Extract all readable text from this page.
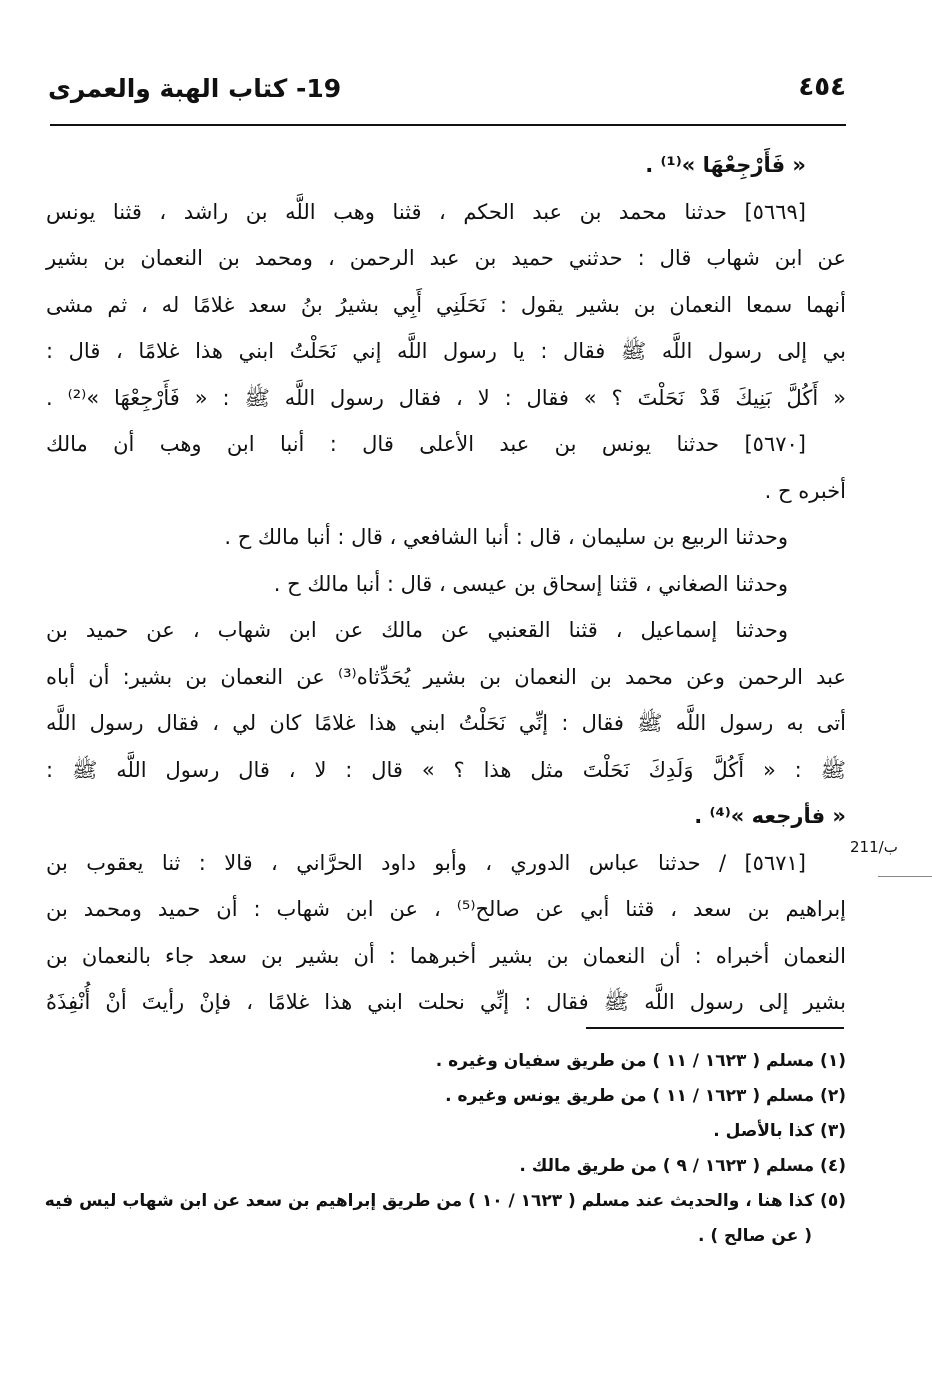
٤٥٤
19- كتاب الهبة والعمرى
« فَأَرْجِعْهَا »⁽¹⁾ .
[٥٦٦٩] حدثنا محمد بن عبد الحكم ، قثنا وهب اللَّه بن راشد ، قثنا يونس
عن ابن شهاب قال : حدثني حميد بن عبد الرحمن ، ومحمد بن النعمان بن بشير
أنهما سمعا النعمان بن بشير يقول : نَحَلَنِي أَبِي بشيرُ بنُ سعد غلامًا له ، ثم مشى
بي إلى رسول اللَّه ﷺ فقال : يا رسول اللَّه إني نَحَلْتُ ابني هذا غلامًا ، قال :
« أَكُلَّ بَنِيكَ قَدْ نَحَلْتَ ؟ » فقال : لا ، فقال رسول اللَّه ﷺ : « فَأَرْجِعْهَا »⁽²⁾ .
[٥٦٧٠] حدثنا يونس بن عبد الأعلى قال : أنبا ابن وهب أن مالك
أخبره ح .
وحدثنا الربيع بن سليمان ، قال : أنبا الشافعي ، قال : أنبا مالك ح .
وحدثنا الصغاني ، قثنا إسحاق بن عيسى ، قال : أنبا مالك ح .
وحدثنا إسماعيل ، قثنا القعنبي عن مالك عن ابن شهاب ، عن حميد بن
عبد الرحمن وعن محمد بن النعمان بن بشير يُحَدِّثاه⁽³⁾ عن النعمان بن بشير: أن أباه
أتى به رسول اللَّه ﷺ فقال : إنِّي نَحَلْتُ ابني هذا غلامًا كان لي ، فقال رسول اللَّه
ﷺ : « أَكُلَّ وَلَدِكَ نَحَلْتَ مثل هذا ؟ » قال : لا ، قال رسول اللَّه ﷺ :
« فأرجعه »⁽⁴⁾ .
[٥٦٧١] / حدثنا عباس الدوري ، وأبو داود الحرَّاني ، قالا : ثنا يعقوب بن
إبراهيم بن سعد ، قثنا أبي عن صالح⁽⁵⁾ ، عن ابن شهاب : أن حميد ومحمد بن
النعمان أخبراه : أن النعمان بن بشير أخبرهما : أن بشير بن سعد جاء بالنعمان بن
بشير إلى رسول اللَّه ﷺ فقال : إنِّي نحلت ابني هذا غلامًا ، فإنْ رأيتَ أنْ أُنْفِذَهُ
211/ب
(١) مسلم ( ١٦٢٣ / ١١ ) من طريق سفيان وغيره .
(٢) مسلم ( ١٦٢٣ / ١١ ) من طريق يونس وغيره .
(٣) كذا بالأصل .
(٤) مسلم ( ١٦٢٣ / ٩ ) من طريق مالك .
(٥) كذا هنا ، والحديث عند مسلم ( ١٦٢٣ / ١٠ ) من طريق إبراهيم بن سعد عن ابن شهاب ليس فيه
( عن صالح ) .
